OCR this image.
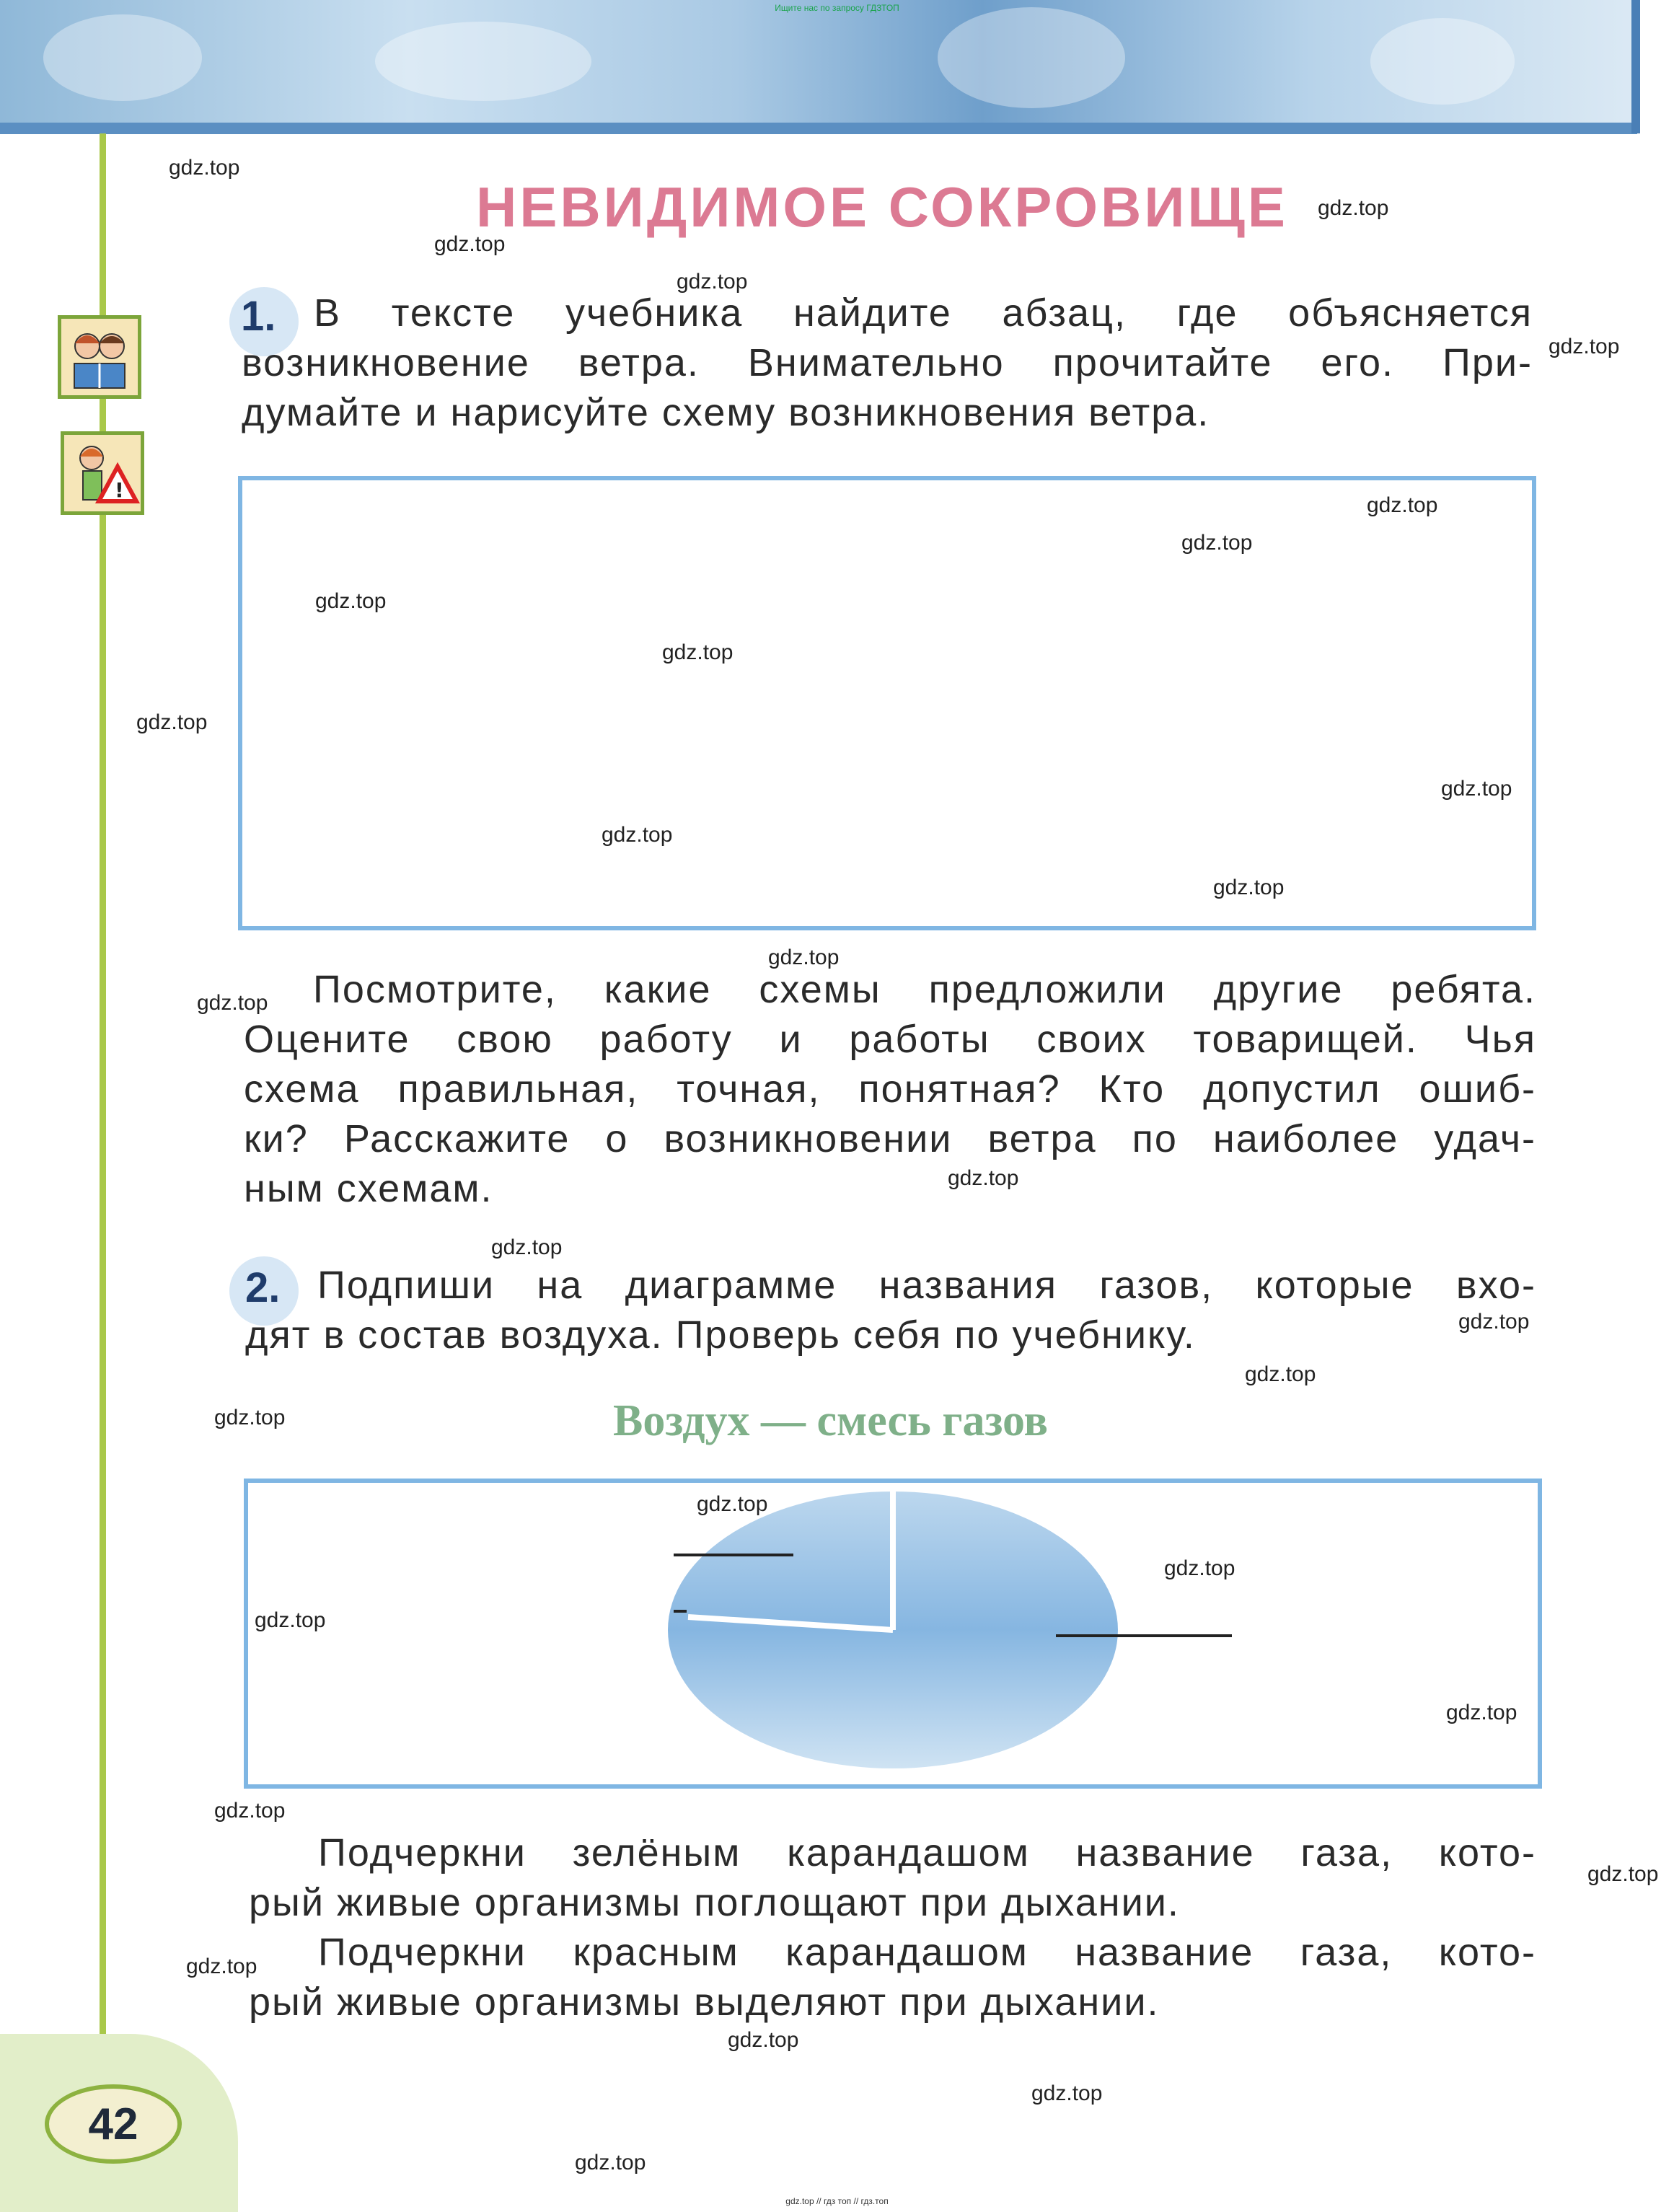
Ищите нас по запросу ГДЗТОП
!
НЕВИДИМОЕ СОКРОВИЩЕ
1. В тексте учебника найдите абзац, где объясняется
возникновение ветра. Внимательно прочитайте его. При-
думайте и нарисуйте схему возникновения ветра.
Посмотрите, какие схемы предложили другие ребята.
Оцените свою работу и работы своих товарищей. Чья
схема правильная, точная, понятная? Кто допустил ошиб-
ки? Расскажите о возникновении ветра по наиболее удач-
ным схемам.
2. Подпиши на диаграмме названия газов, которые вхо-
дят в состав воздуха. Проверь себя по учебнику.
Воздух — смесь газов
Подчеркни зелёным карандашом название газа, кото-
рый живые организмы поглощают при дыхании.
Подчеркни красным карандашом название газа, кото-
рый живые организмы выделяют при дыхании.
42
gdz.top // гдз топ // гдз.топ
gdz.top
gdz.top
gdz.top
gdz.top
gdz.top
gdz.top
gdz.top
gdz.top
gdz.top
gdz.top
gdz.top
gdz.top
gdz.top
gdz.top
gdz.top
gdz.top
gdz.top
gdz.top
gdz.top
gdz.top
gdz.top
gdz.top
gdz.top
gdz.top
gdz.top
gdz.top
gdz.top
gdz.top
gdz.top
gdz.top
